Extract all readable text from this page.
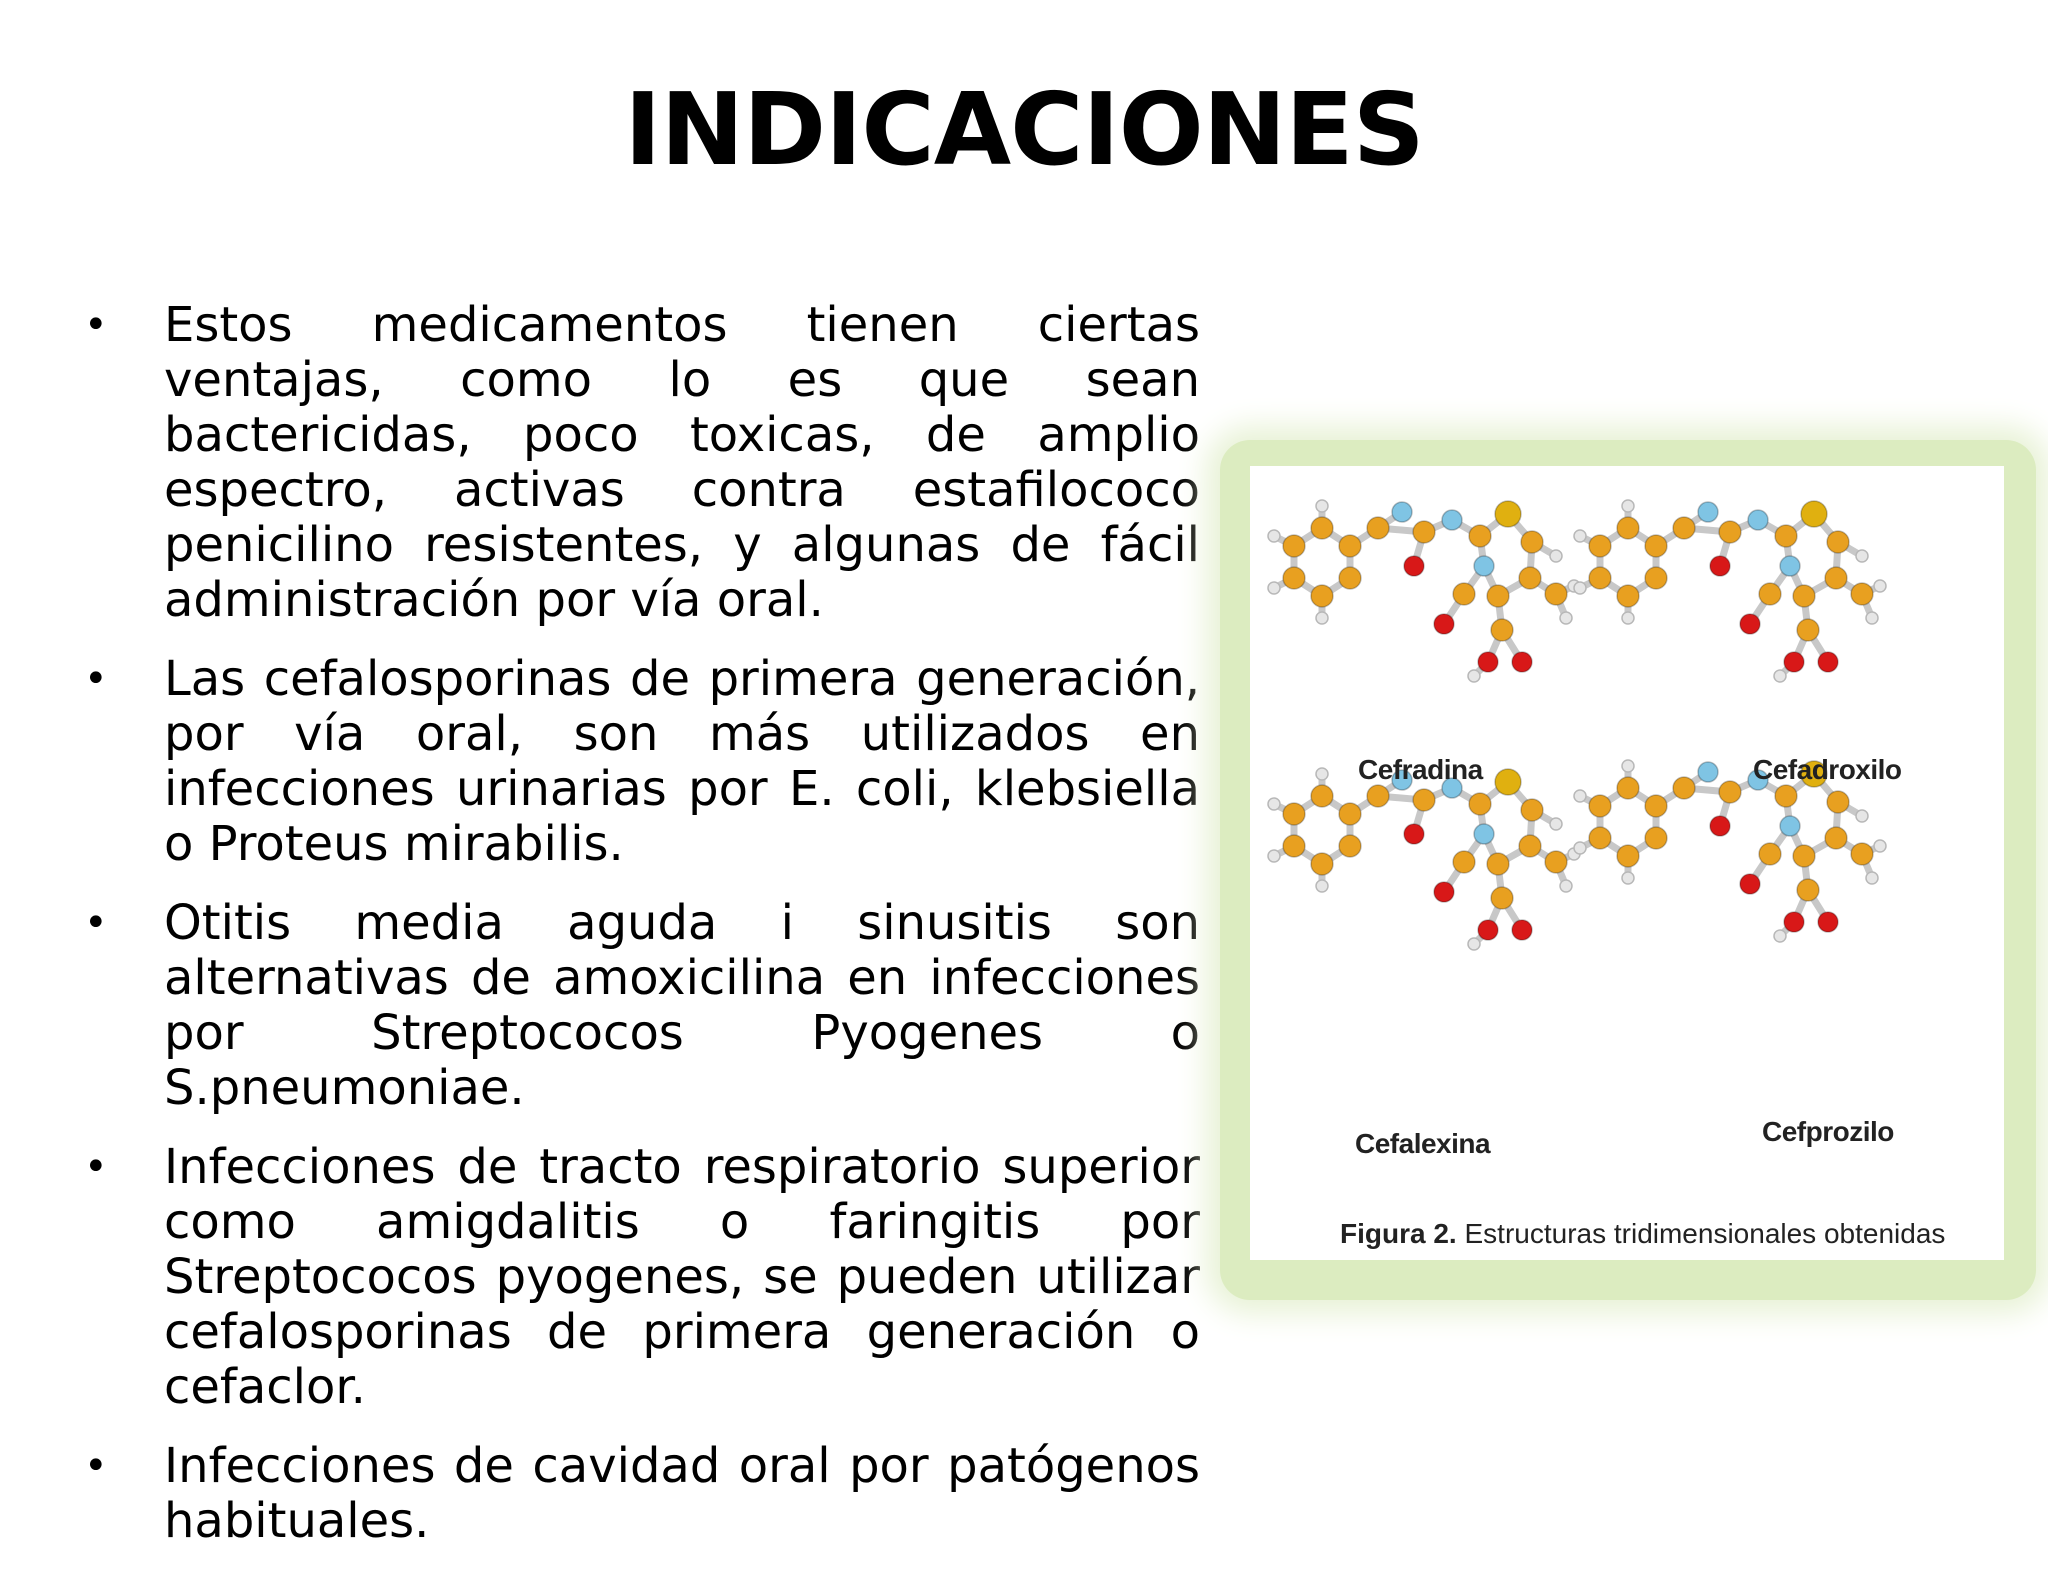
INDICACIONES
• Estos medicamentos tienen ciertas ventajas, como lo es que sean bactericidas, poco toxicas, de amplio espectro, activas contra estafilococo penicilino resistentes, y algunas de fácil administración por vía oral.
• Las cefalosporinas de primera generación, por vía oral, son más utilizados en infecciones urinarias por E. coli, klebsiella o Proteus mirabilis.
• Otitis media aguda i sinusitis son alternativas de amoxicilina en infecciones por Streptococos Pyogenes o S.pneumoniae.
• Infecciones de tracto respiratorio superior como amigdalitis o faringitis por Streptococos pyogenes, se pueden utilizar cefalosporinas de primera generación o cefaclor.
• Infecciones de cavidad oral por patógenos habituales.
Cefradina	Cefadroxilo
Cefalexina	Cefprozilo
Figura 2. Estructuras tridimensionales obtenidas
